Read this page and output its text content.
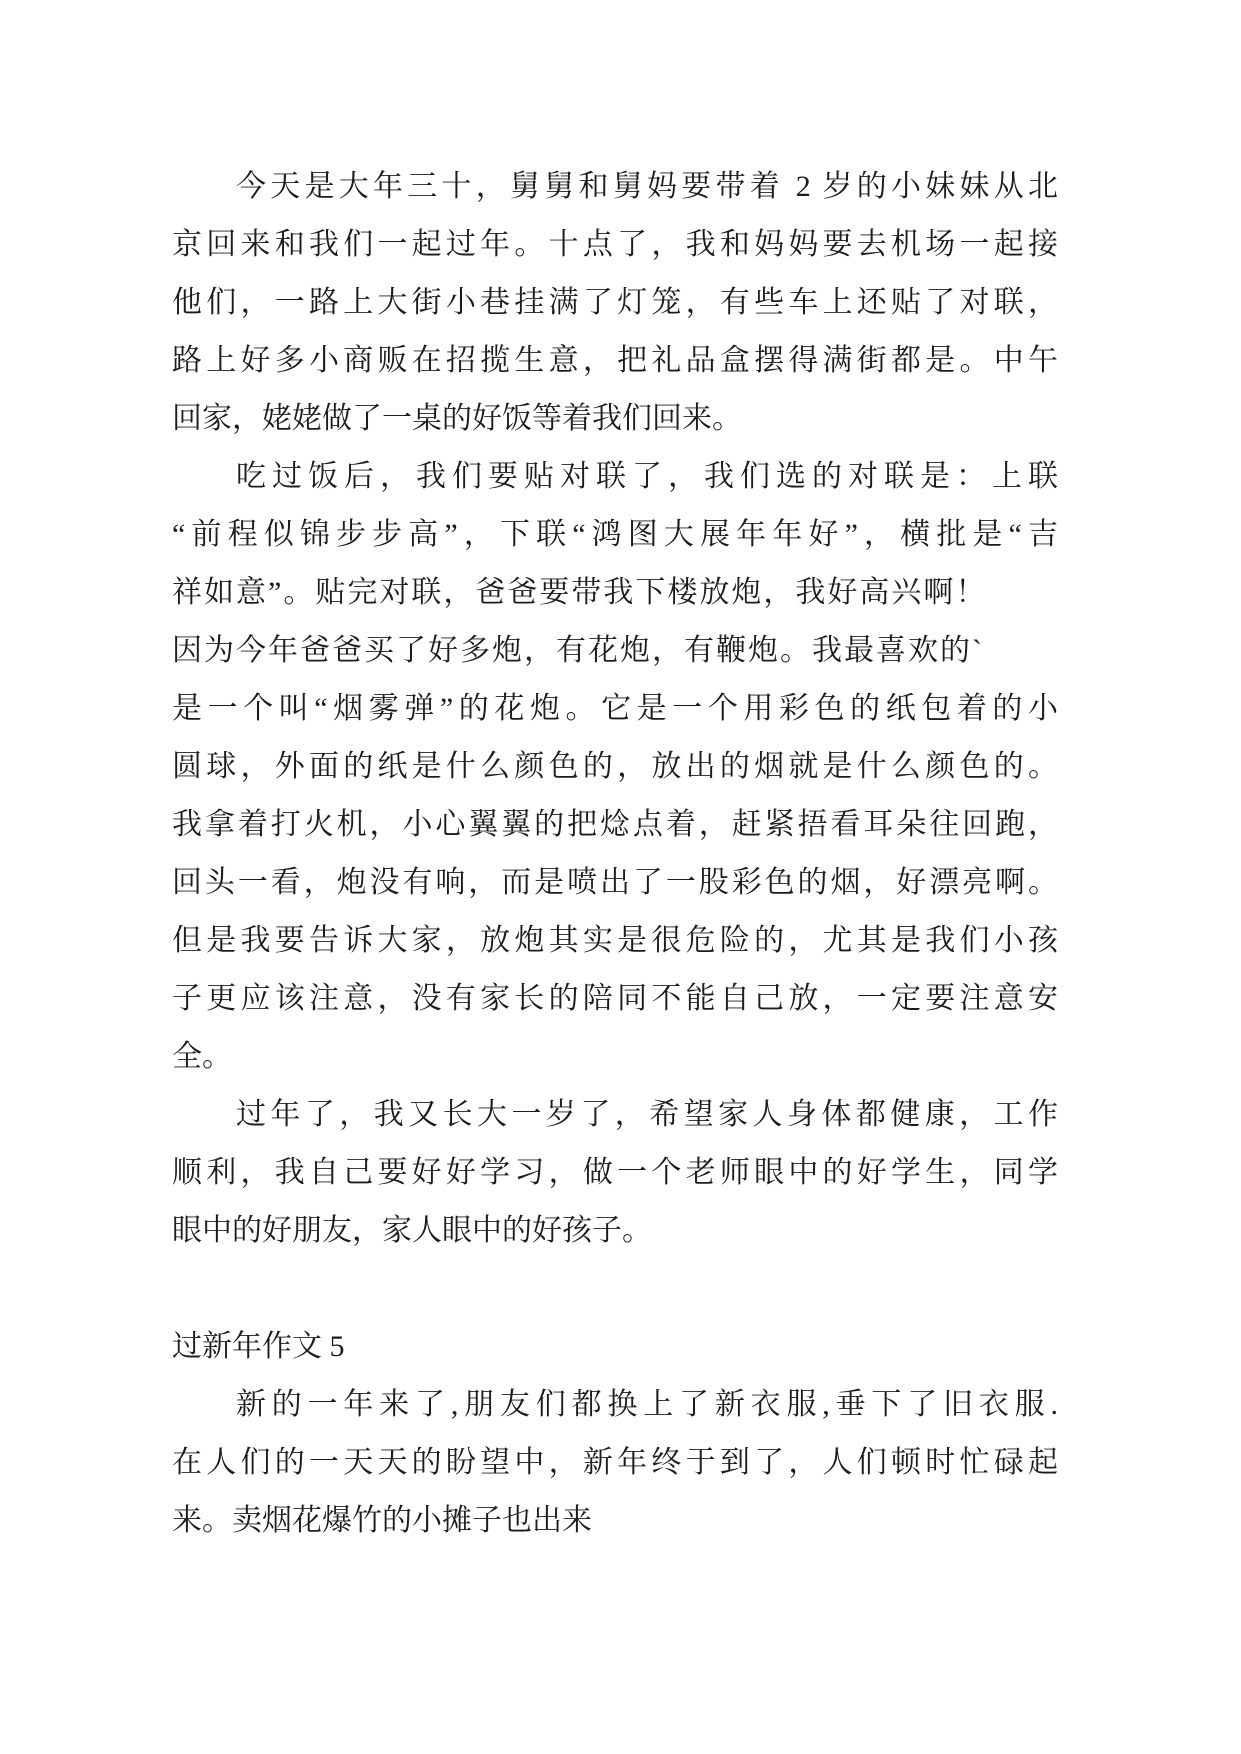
今天是大年三十，舅舅和舅妈要带着 2 岁的小妹妹从北
京回来和我们一起过年。十点了，我和妈妈要去机场一起接
他们，一路上大街小巷挂满了灯笼，有些车上还贴了对联，
路上好多小商贩在招揽生意，把礼品盒摆得满街都是。中午
回家，姥姥做了一桌的好饭等着我们回来。
吃过饭后，我们要贴对联了，我们选的对联是：上联
“前程似锦步步高”，下联“鸿图大展年年好”，横批是“吉
祥如意”。贴完对联，爸爸要带我下楼放炮，我好高兴啊！
因为今年爸爸买了好多炮，有花炮，有鞭炮。我最喜欢的`
是一个叫“烟雾弹”的花炮。它是一个用彩色的纸包着的小
圆球，外面的纸是什么颜色的，放出的烟就是什么颜色的。
我拿着打火机，小心翼翼的把焾点着，赶紧捂看耳朵往回跑，
回头一看，炮没有响，而是喷出了一股彩色的烟，好漂亮啊。
但是我要告诉大家，放炮其实是很危险的，尤其是我们小孩
子更应该注意，没有家长的陪同不能自己放，一定要注意安
全。
过年了，我又长大一岁了，希望家人身体都健康，工作
顺利，我自己要好好学习，做一个老师眼中的好学生，同学
眼中的好朋友，家人眼中的好孩子。
过新年作文 5
新的一年来了,朋友们都换上了新衣服,垂下了旧衣服.
在人们的一天天的盼望中，新年终于到了，人们顿时忙碌起
来。卖烟花爆竹的小摊子也出来
